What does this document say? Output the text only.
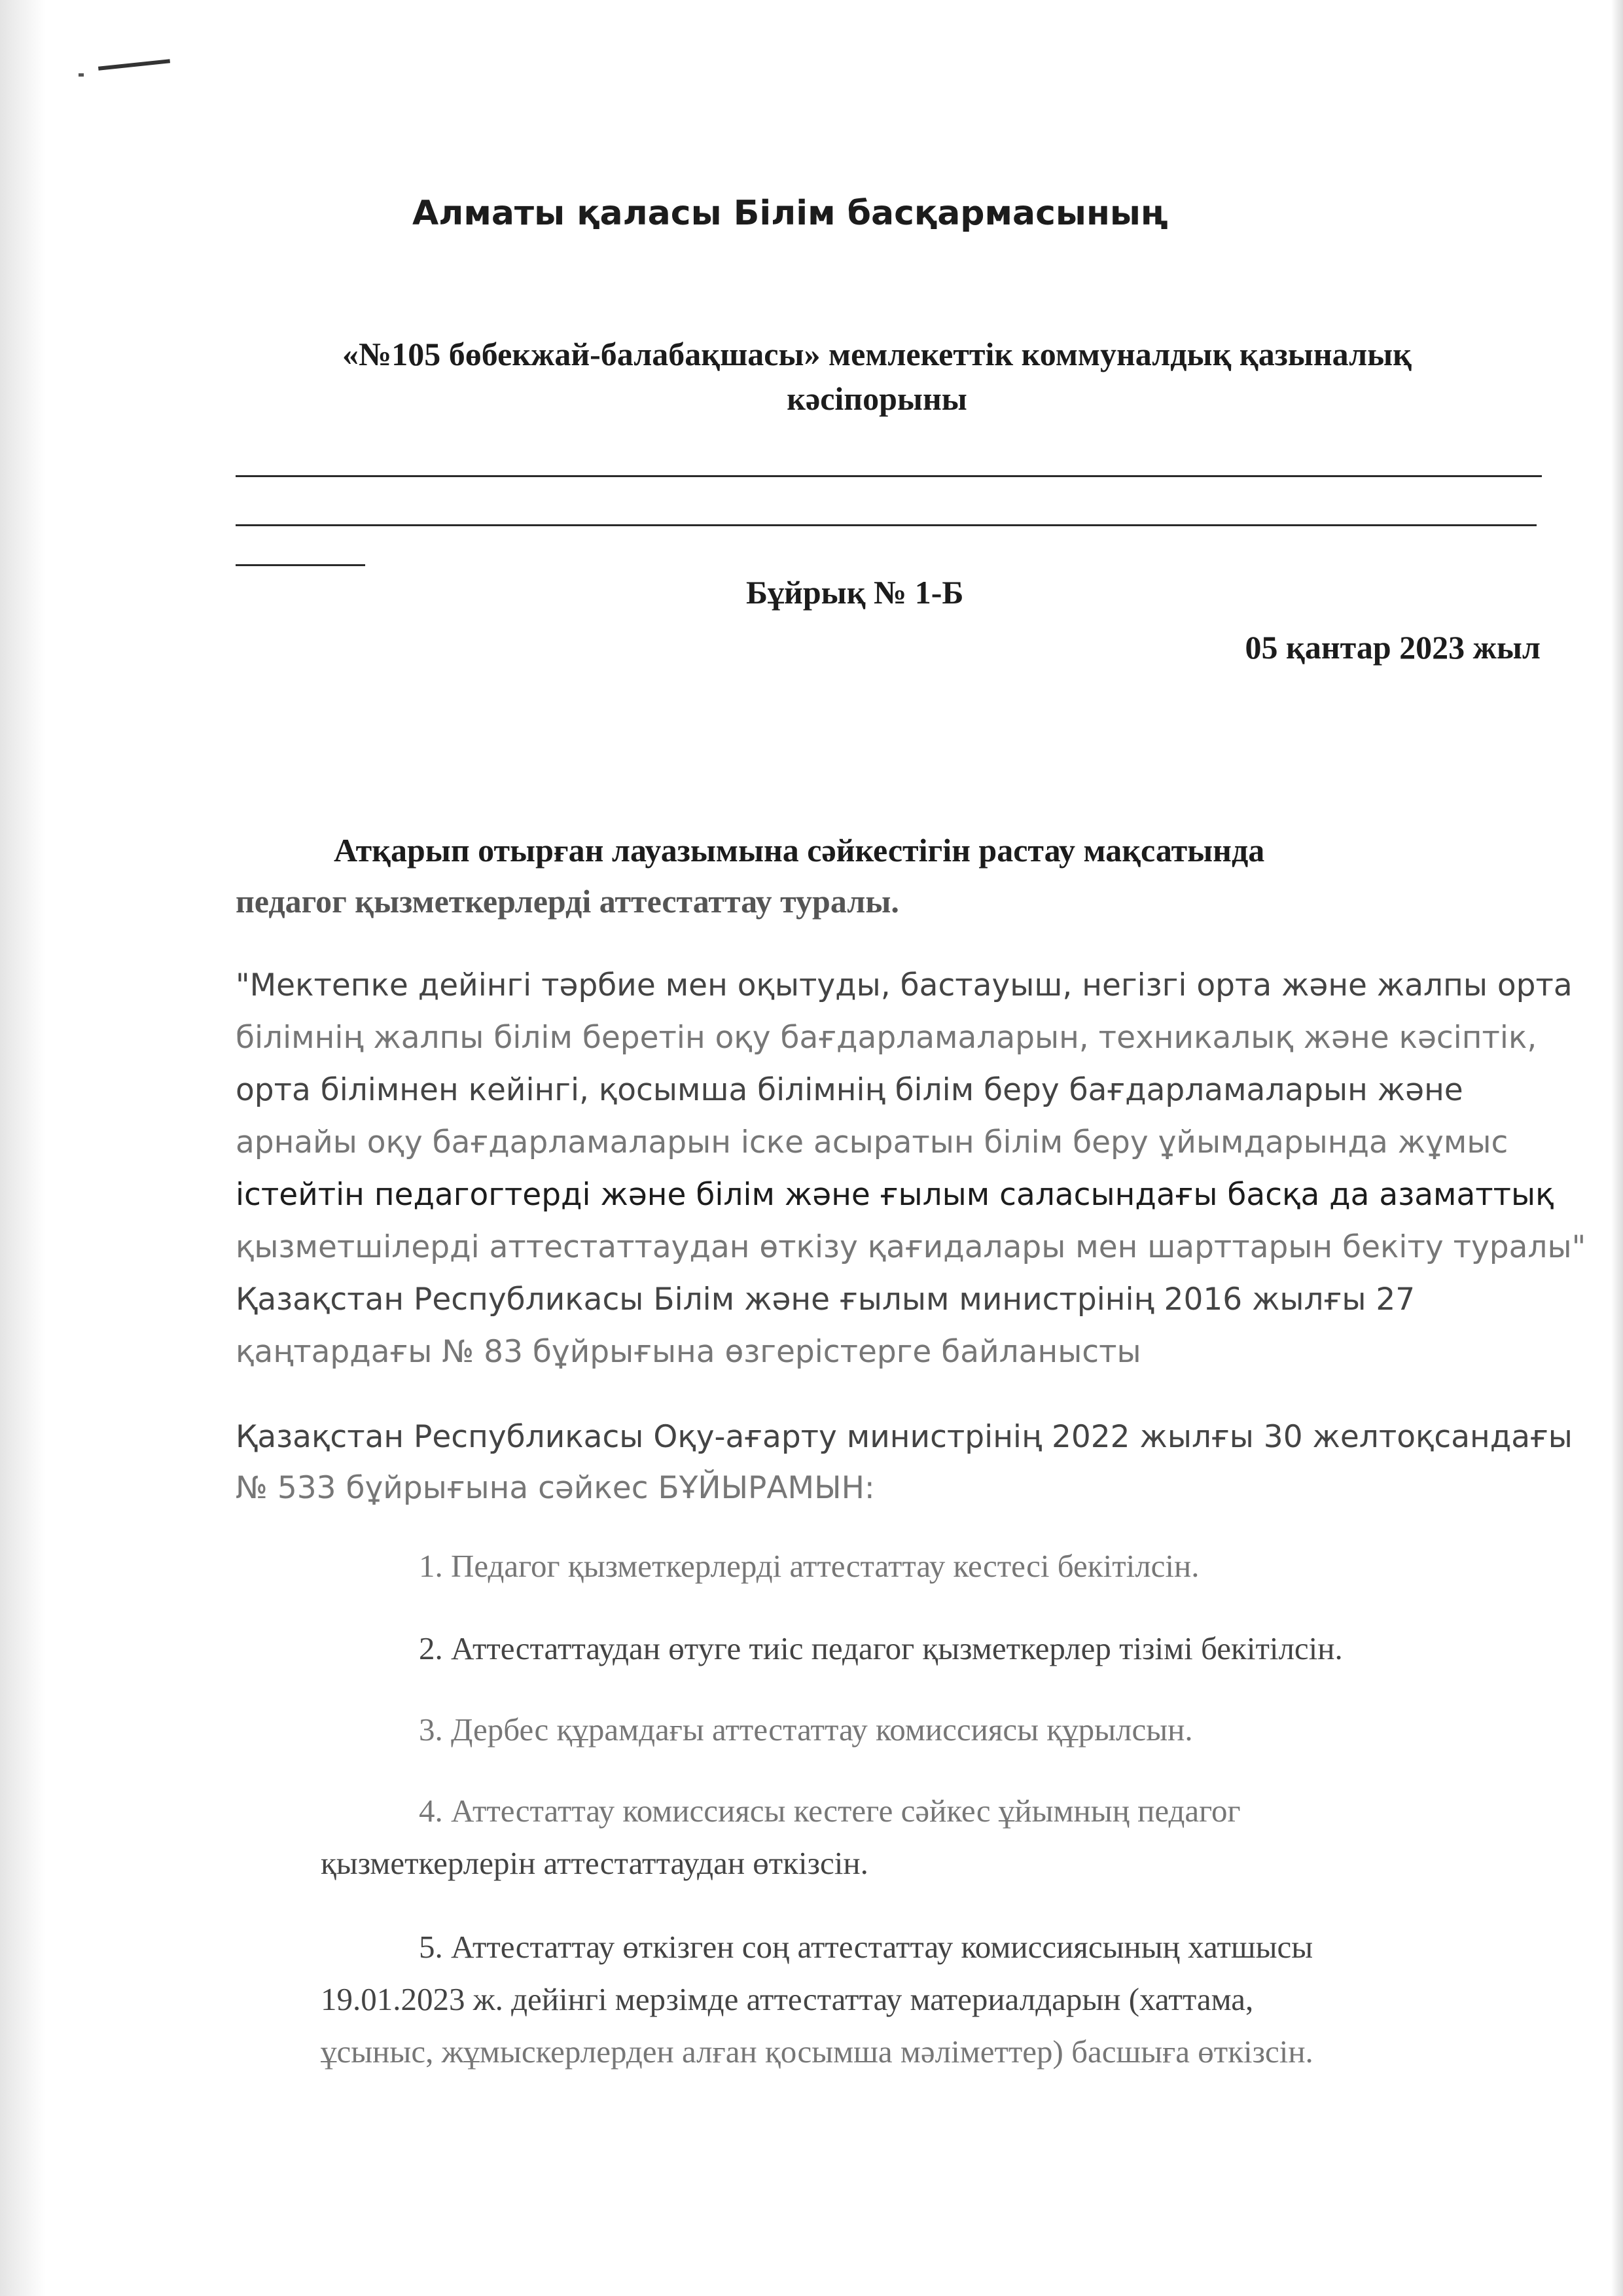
Алматы қаласы Білім басқармасының
«№105 бөбекжай-балабақшасы» мемлекеттік коммуналдық қазыналық
кәсіпорыны
Бұйрық № 1-Б
05 қантар 2023 жыл
Атқарып отырған лауазымына сәйкестігін растау мақсатында
педагог қызметкерлерді аттестаттау туралы.
"Мектепке дейінгі тәрбие мен оқытуды, бастауыш, негізгі орта және жалпы орта
білімнің жалпы білім беретін оқу бағдарламаларын, техникалық және кәсіптік,
орта білімнен кейінгі, қосымша білімнің білім беру бағдарламаларын және
арнайы оқу бағдарламаларын іске асыратын білім беру ұйымдарында жұмыс
істейтін педагогтерді және білім және ғылым саласындағы басқа да азаматтық
қызметшілерді аттестаттаудан өткізу қағидалары мен шарттарын бекіту туралы"
Қазақстан Республикасы Білім және ғылым министрінің 2016 жылғы 27
қаңтардағы № 83 бұйрығына өзгерістерге байланысты
Қазақстан Республикасы Оқу-ағарту министрінің 2022 жылғы 30 желтоқсандағы
№ 533 бұйрығына сәйкес БҰЙЫРАМЫН:
1. Педагог қызметкерлерді аттестаттау кестесі бекітілсін.
2. Аттестаттаудан өтуге тиіс педагог қызметкерлер тізімі бекітілсін.
3. Дербес құрамдағы аттестаттау комиссиясы құрылсын.
4. Аттестаттау комиссиясы кестеге сәйкес ұйымның педагог
қызметкерлерін аттестаттаудан өткізсін.
5. Аттестаттау өткізген соң аттестаттау комиссиясының хатшысы
19.01.2023 ж. дейінгі мерзімде аттестаттау материалдарын (хаттама,
ұсыныс, жұмыскерлерден алған қосымша мәліметтер) басшыға өткізсін.
